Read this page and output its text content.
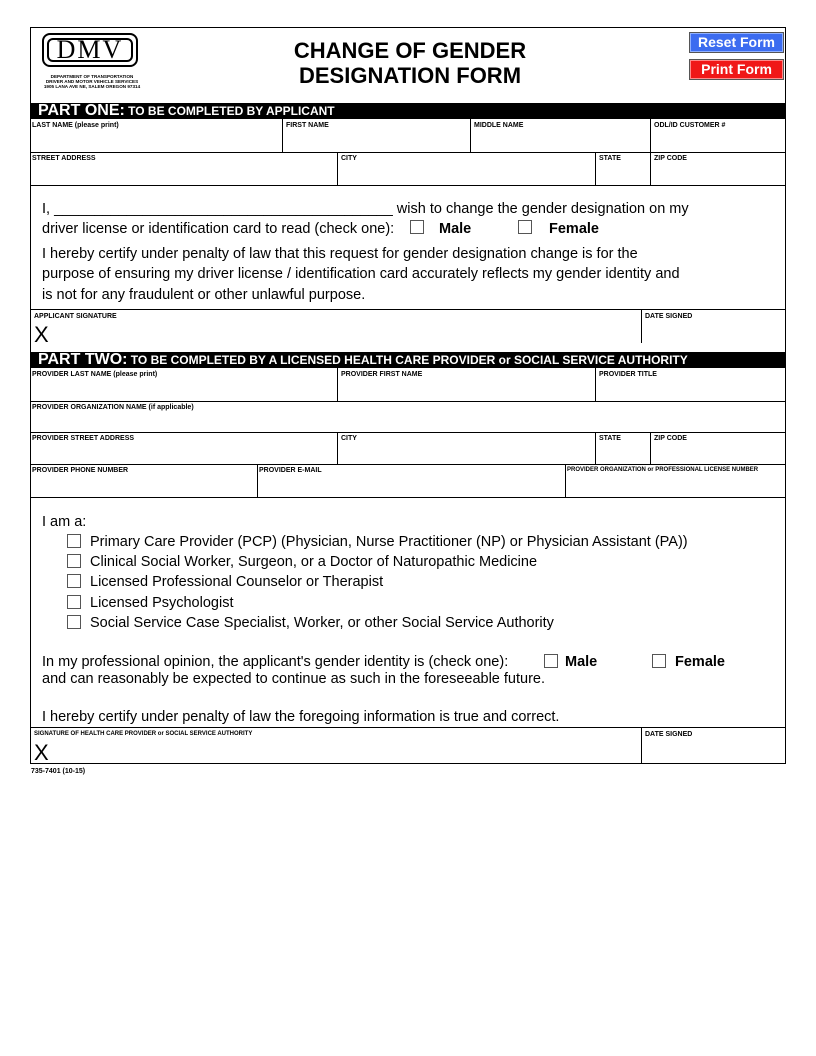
DMV
DEPARTMENT OF TRANSPORTATION
DRIVER AND MOTOR VEHICLE SERVICES
1905 LANA AVE NE, SALEM OREGON 97314
CHANGE OF GENDER
DESIGNATION FORM
Reset Form
Print Form
PART ONE: TO BE COMPLETED BY APPLICANT
LAST NAME (please print)	FIRST NAME	MIDDLE NAME	ODL/ID CUSTOMER #
STREET ADDRESS	CITY	STATE	ZIP CODE
I, __________________________________________ wish to change the gender designation on my
driver license or identification card to read (check one):	Male	Female
I hereby certify under penalty of law that this request for gender designation change is for the
purpose of ensuring my driver license / identification card accurately reflects my gender identity and
is not for any fraudulent or other unlawful purpose.
APPLICANT SIGNATURE
X
DATE SIGNED
PART TWO: TO BE COMPLETED BY A LICENSED HEALTH CARE PROVIDER or SOCIAL SERVICE AUTHORITY
PROVIDER LAST NAME (please print)	PROVIDER FIRST NAME	PROVIDER TITLE
PROVIDER ORGANIZATION NAME (if applicable)
PROVIDER STREET ADDRESS	CITY	STATE	ZIP CODE
PROVIDER PHONE NUMBER	PROVIDER E-MAIL	PROVIDER ORGANIZATION or PROFESSIONAL LICENSE NUMBER
I am a:
Primary Care Provider (PCP) (Physician, Nurse Practitioner (NP) or Physician Assistant (PA))
Clinical Social Worker, Surgeon, or a Doctor of Naturopathic Medicine
Licensed Professional Counselor or Therapist
Licensed Psychologist
Social Service Case Specialist, Worker, or other Social Service Authority
In my professional opinion, the applicant's gender identity is (check one):	Male	Female
and can reasonably be expected to continue as such in the foreseeable future.
I hereby certify under penalty of law the foregoing information is true and correct.
SIGNATURE OF HEALTH CARE PROVIDER or SOCIAL SERVICE AUTHORITY
X
DATE SIGNED
735-7401 (10-15)
